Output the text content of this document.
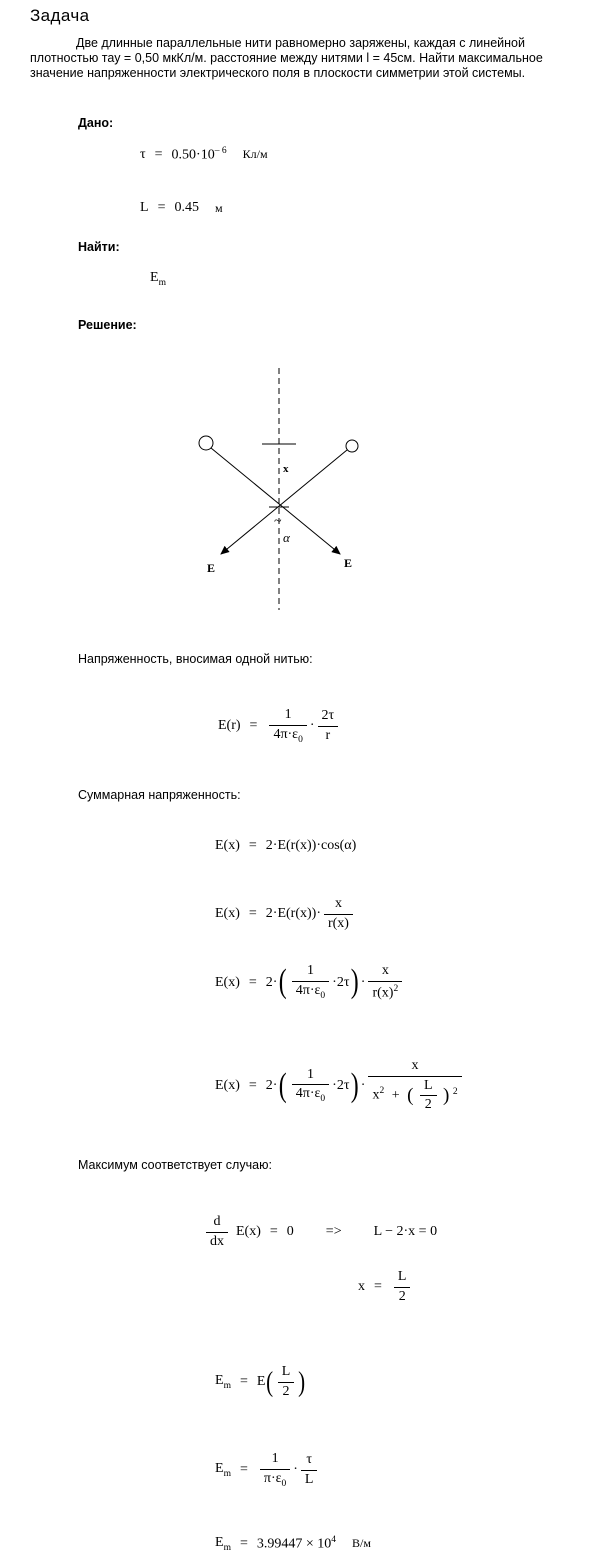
Задача
Две длинные параллельные нити равномерно заряжены, каждая с линейной плотностью тау = 0,50 мкКл/м. расстояние между нитями l = 45см. Найти максимальное значение напряженности электрического поля в плоскости симметрии этой системы.
Дано:
$\tau = 0.50\cdot 10^{- 6}$ Кл/м
L = 0.45 м
Найти:
$E_m$
Решение:
x
~
α
E	E
Напряженность, вносимая одной нитью:
$E(r) = \frac{1}{4\pi\cdot\varepsilon_0} \cdot \frac{2\tau}{r}$
Суммарная напряженность:
E(x) = 2·E(r(x))·cos(α)
$E(x) = 2\cdot E(r(x))\cdot \frac{x}{r(x)}$
E(x) = 2· ( $\frac{1}{4\pi\cdot\varepsilon_0} \cdot 2\tau$ ) · $\frac{x}{r(x)^2}$
E(x) = 2· ( $\frac{1}{4\pi\cdot\varepsilon_0} \cdot 2\tau$ ) ·
x
$x^2$ + ( $\frac{L}{2}$ ) $^2$
Максимум соответствует случаю:
$\frac{d}{dx} E(x) = 0 => L - 2\cdot x = 0$
$x = \frac{L}{2}$
$E_m = E$ ( $\frac{L}{2}$ )
$E_m = \frac{1}{\pi\cdot\varepsilon_0} \cdot \frac{\tau}{L}$
$E_m = 3.99447 \times 10^4$ В/м
